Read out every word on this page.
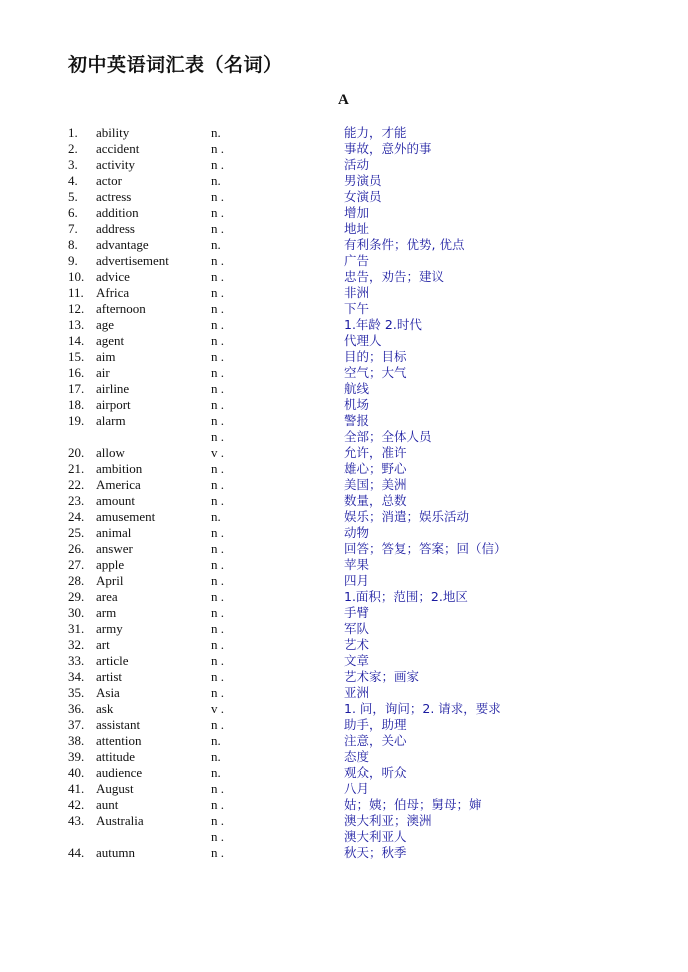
初中英语词汇表（名词）
A
1. ability	n.	能力，才能
2. accident	n .	事故，意外的事
3. activity	n .	活动
4. actor	n.	男演员
5. actress	n .	女演员
6. addition	n .	增加
7. address	n .	地址
8. advantage	n.	有利条件；优势, 优点
9. advertisement	n .	广告
10. advice	n .	忠告，劝告；建议
11. Africa	n .	非洲
12. afternoon	n .	下午
13. age	n .	1.年龄 2.时代
14. agent	n .	代理人
15. aim	n .	目的；目标
16. air	n .	空气；大气
17. airline	n .	航线
18. airport	n .	机场
19. alarm	n .	警报
n .	全部；全体人员
20. allow	v .	允许，准许
21. ambition	n .	雄心；野心
22. America	n .	美国；美洲
23. amount	n .	数量，总数
24. amusement	n.	娱乐；消遣；娱乐活动
25. animal	n .	动物
26. answer	n .	回答；答复；答案；回（信）
27. apple	n .	苹果
28. April	n .	四月
29. area	n .	1.面积；范围；2.地区
30. arm	n .	手臂
31. army	n .	军队
32. art	n .	艺术
33. article	n .	文章
34. artist	n .	艺术家；画家
35. Asia	n .	亚洲
36. ask	v .	1. 问，询问；2. 请求，要求
37. assistant	n .	助手，助理
38. attention	n.	注意，关心
39. attitude	n.	态度
40. audience	n.	观众，听众
41. August	n .	八月
42. aunt	n .	姑；姨；伯母；舅母；婶
43. Australia	n .	澳大利亚；澳洲
n .	澳大利亚人
44. autumn	n .	秋天；秋季
